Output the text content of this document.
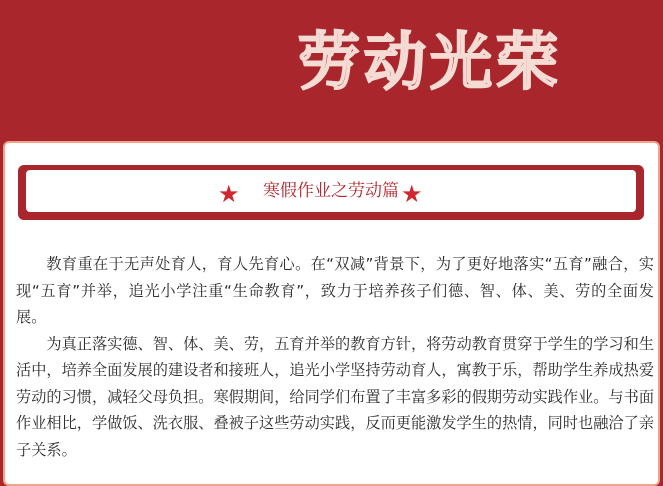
劳动光荣
寒假作业之劳动篇
★	★

教育重在于无声处育人，育人先育心。在“双减”背景下，为了更好地落实“五育”融合，实现“五育”并举，追光小学注重“生命教育”，致力于培养孩子们德、智、体、美、劳的全面发展。

为真正落实德、智、体、美、劳，五育并举的教育方针，将劳动教育贯穿于学生的学习和生活中，培养全面发展的建设者和接班人，追光小学坚持劳动育人，寓教于乐，帮助学生养成热爱劳动的习惯，减轻父母负担。寒假期间，给同学们布置了丰富多彩的假期劳动实践作业。与书面作业相比，学做饭、洗衣服、叠被子这些劳动实践，反而更能激发学生的热情，同时也融洽了亲子关系。
